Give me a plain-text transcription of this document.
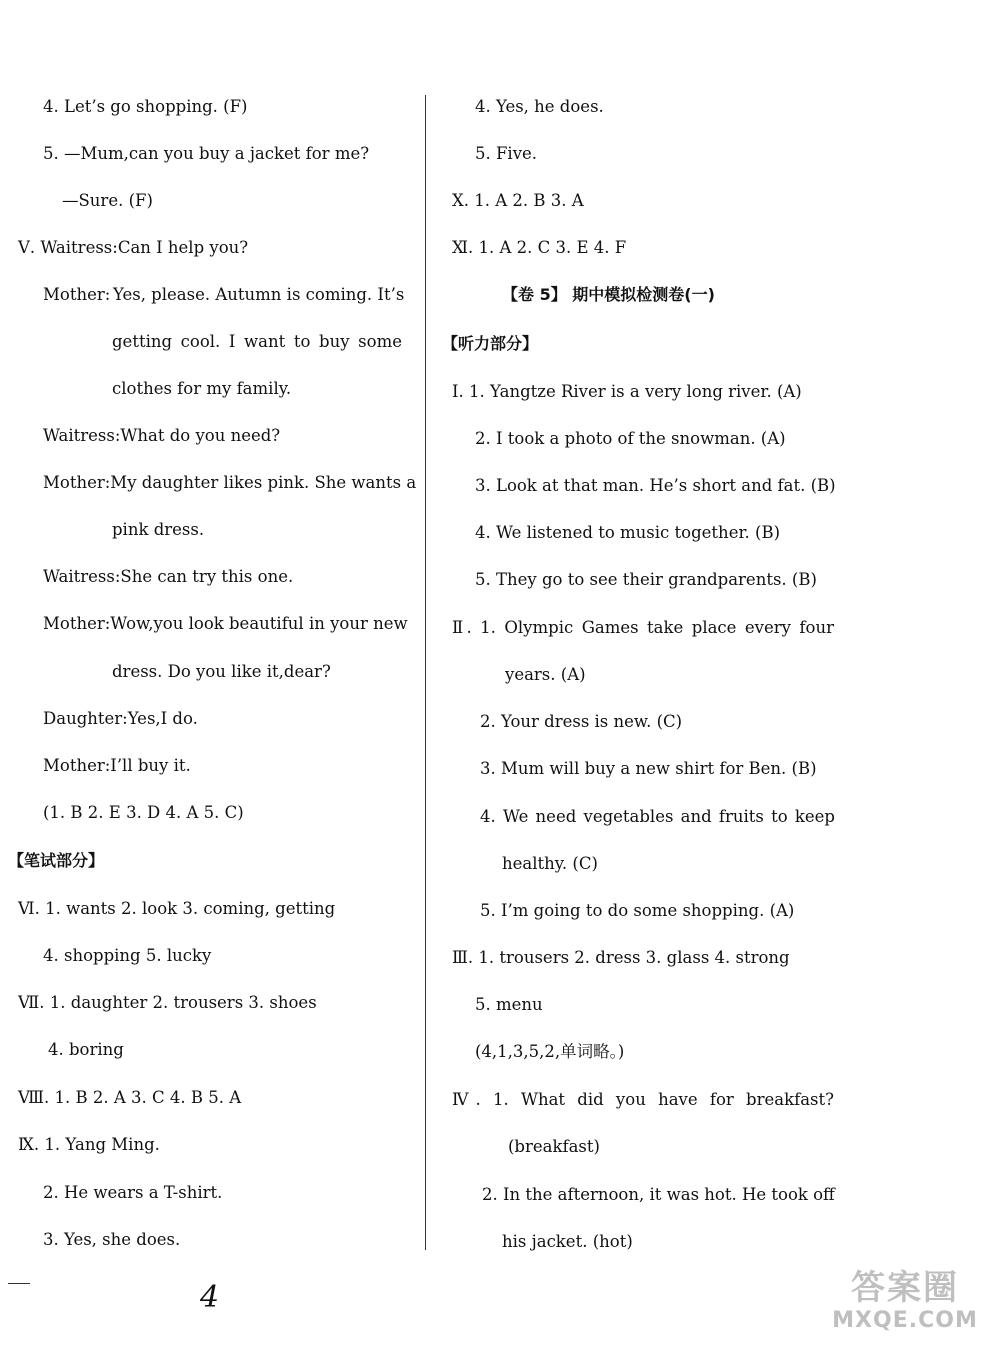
4. Let’s go shopping. (F)
5. —Mum,can you buy a jacket for me?
—Sure. (F)
Ⅴ. Waitress:Can I help you?
Mother: Yes, please. Autumn is coming. It’s
getting cool. I want to buy some
clothes for my family.
Waitress:What do you need?
Mother:My daughter likes pink. She wants a
pink dress.
Waitress:She can try this one.
Mother:Wow,you look beautiful in your new
dress. Do you like it,dear?
Daughter:Yes,I do.
Mother:I’ll buy it.
(1. B 2. E 3. D 4. A 5. C)
【笔试部分】
Ⅵ. 1. wants 2. look 3. coming, getting
4. shopping 5. lucky
Ⅶ. 1. daughter 2. trousers 3. shoes
4. boring
Ⅷ. 1. B 2. A 3. C 4. B 5. A
Ⅸ. 1. Yang Ming.
2. He wears a T-shirt.
3. Yes, she does.
4. Yes, he does.
5. Five.
Ⅹ. 1. A 2. B 3. A
Ⅺ. 1. A 2. C 3. E 4. F
【卷 5】 期中模拟检测卷(一)
【听力部分】
Ⅰ. 1. Yangtze River is a very long river. (A)
2. I took a photo of the snowman. (A)
3. Look at that man. He’s short and fat. (B)
4. We listened to music together. (B)
5. They go to see their grandparents. (B)
Ⅱ. 1. Olympic Games take place every four
years. (A)
2. Your dress is new. (C)
3. Mum will buy a new shirt for Ben. (B)
4. We need vegetables and fruits to keep
healthy. (C)
5. I’m going to do some shopping. (A)
Ⅲ. 1. trousers 2. dress 3. glass 4. strong
5. menu
(4,1,3,5,2,单词略。)
Ⅳ. 1. What did you have for breakfast?
(breakfast)
2. In the afternoon, it was hot. He took off
his jacket. (hot)
4	答案圈
MXQE.COM
